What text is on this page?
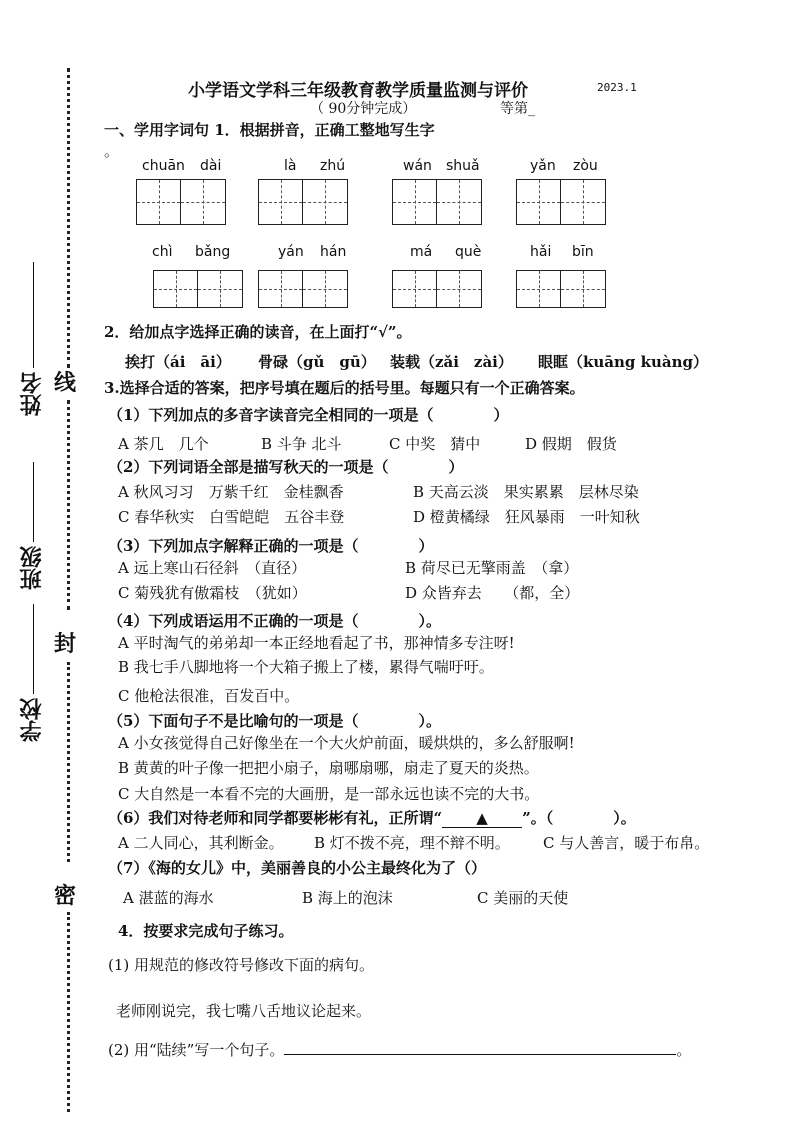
线
封
密
姓名
班级
学校
小学语文学科三年级教育教学质量监测与评价	2023.1
（ 90分钟完成）	等第_
一、学用字词句 1．根据拼音，正确工整地写生字
。
chuān dài	là zhú	wán shuǎ	yǎn zòu
chì bǎng	yán hán	má què	hǎi bīn
2．给加点字选择正确的读音，在上面打“√”。
挨打（ái　āi） 骨碌（gǔ　gū） 装载（zǎi　zài） 眼眶（kuāng kuàng）
3.选择合适的答案，把序号填在题后的括号里。每题只有一个正确答案。
（1）下列加点的多音字读音完全相同的一项是（　　　　）
A 茶几　几个	B 斗争 北斗	C 中奖　猜中	D 假期　假货
（2）下列词语全部是描写秋天的一项是（　　　　）
A 秋风习习　万紫千红　金桂飘香	B 天高云淡　果实累累　层林尽染
C 春华秋实　白雪皑皑　五谷丰登	D 橙黄橘绿　狂风暴雨　一叶知秋
（3）下列加点字解释正确的一项是（　　　　）
A 远上寒山石径斜　（直径）	B 荷尽已无擎雨盖　（拿）
C 菊残犹有傲霜枝　（犹如）	D 众皆弃去　　（都，全）
（4）下列成语运用不正确的一项是（　　　　）。
A 平时淘气的弟弟却一本正经地看起了书，那神情多专注呀!
B 我七手八脚地将一个大箱子搬上了楼，累得气喘吁吁。
C 他枪法很准，百发百中。
（5）下面句子不是比喻句的一项是（　　　　）。
A 小女孩觉得自己好像坐在一个大火炉前面，暖烘烘的，多么舒服啊!
B 黄黄的叶子像一把把小扇子，扇哪扇哪，扇走了夏天的炎热。
C 大自然是一本看不完的大画册，是一部永远也读不完的大书。
（6）我们对待老师和同学都要彬彬有礼，正所谓“ ▲ ”。（　　　　）。
A 二人同心，其利断金。 B 灯不拨不亮，理不辩不明。 C 与人善言，暖于布帛。
（7）《海的女儿》中，美丽善良的小公主最终化为了（）
A 湛蓝的海水	B 海上的泡沫	C 美丽的天使
4．按要求完成句子练习。
(1) 用规范的修改符号修改下面的病句。
老师刚说完，我七嘴八舌地议论起来。
(2) 用“陆续”写一个句子。	。
